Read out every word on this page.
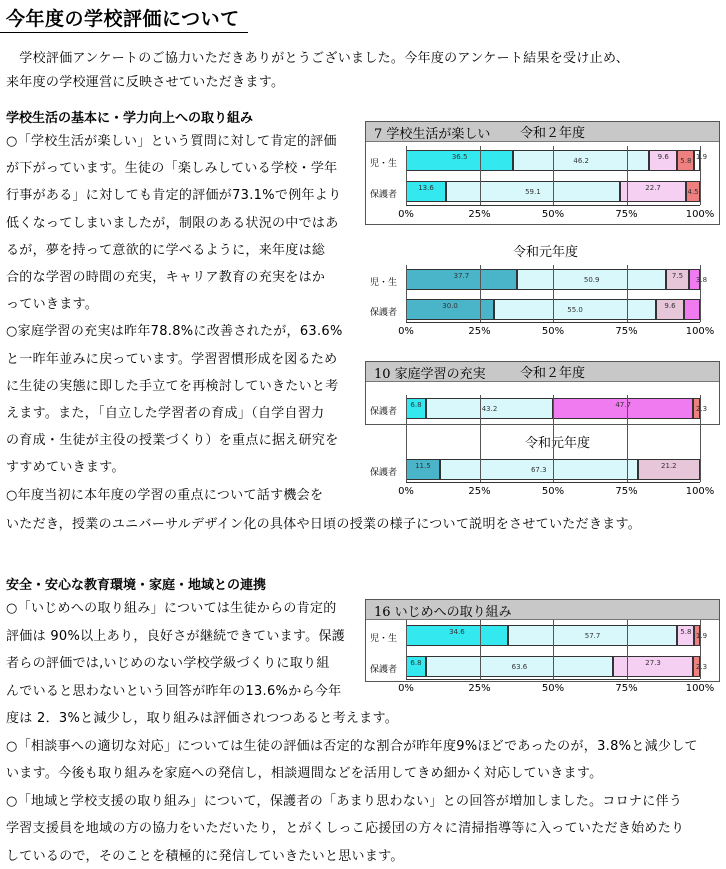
今年度の学校評価について
　学校評価アンケートのご協力いただきありがとうございました。今年度のアンケート結果を受け止め、
来年度の学校運営に反映させていただきます。
学校生活の基本に・学力向上への取り組み
○「学校生活が楽しい」という質問に対して肯定的評価
が下がっています。生徒の「楽しみしている学校・学年
行事がある」に対しても肯定的評価が73.1%で例年より
低くなってしまいましたが，制限のある状況の中ではあ
るが，夢を持って意欲的に学べるように，来年度は総
合的な学習の時間の充実，キャリア教育の充実をはか
っていきます。
○家庭学習の充実は昨年78.8%に改善されたが，63.6%
と一昨年並みに戻っています。学習習慣形成を図るため
に生徒の実態に即した手立てを再検討していきたいと考
えます。また，「自立した学習者の育成」（自学自習力
の育成・生徒が主役の授業づくり）を重点に据え研究を
すすめていきます。
○年度当初に本年度の学習の重点について話す機会を
いただき，授業のユニバーサルデザイン化の具体や日頃の授業の様子について説明をさせていただきます。
安全・安心な教育環境・家庭・地域との連携
○「いじめへの取り組み」については生徒からの肯定的
評価は 90%以上あり，良好さが継続できています。保護
者らの評価では,いじめのない学校学級づくりに取り組
んでいると思わないという回答が昨年の13.6%から今年
度は 2．3%と減少し，取り組みは評価されつつあると考えます。
○「相談事への適切な対応」については生徒の評価は否定的な割合が昨年度9%ほどであったのが，3.8%と減少して
います。今後も取り組みを家庭への発信し，相談週間などを活用してきめ細かく対応していきます。
○「地域と学校支援の取り組み」について，保護者の「あまり思わない」との回答が増加しました。コロナに伴う
学習支援員を地域の方の協力をいただいたり，とがくしっこ応援団の方々に清掃指導等に入っていただき始めたり
しているので，そのことを積極的に発信していきたいと思います。
7 学校生活が楽しい 令和２年度
令和元年度
10 家庭学習の充実	令和２年度
令和元年度
16 いじめへの取り組み
児・生
36.5	46.2	9.6 5.8 1.9
保護者
13.6	59.1	22.7	4.5
0%	25%	50%	75%	100%
児・生
37.7	50.9	7.5 3.8
保護者
30.0	55.0	9.6
0%	25%	50%	75%	100%
保護者
6.8	43.2	47.7	2.3
保護者
11.5	67.3	21.2
0%	25%	50%	75%	100%
児・生
34.6	57.7	5.8 1.9
保護者
6.8	63.6	27.3	2.3
0%	25%	50%	75%	100%
